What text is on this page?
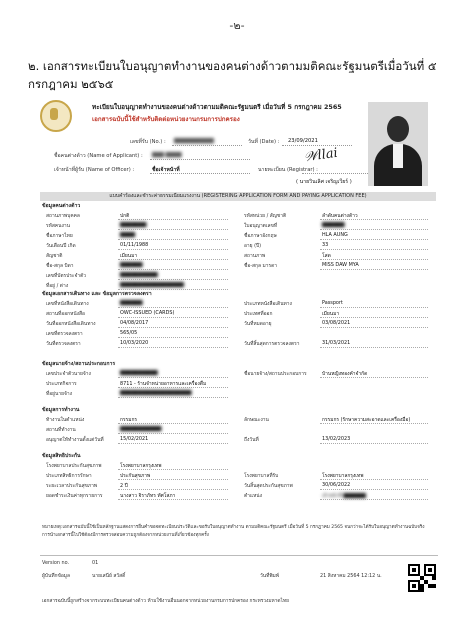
-๒-
๒. เอกสารทะเบียนใบอนุญาตทำงานของคนต่างด้าวตามมติคณะรัฐมนตรีเมื่อวันที่ ๕ กรกฎาคม ๒๕๖๕
ทะเบียนใบอนุญาตทำงานของคนต่างด้าวตามมติคณะรัฐมนตรี เมื่อวันที่ 5 กรกฎาคม 2565
เอกสารฉบับนี้ใช้สำหรับติดต่อหน่วยงานกรมการปกครอง
เลขที่รับ (No.) : ▇▇▇▇▇▇▇▇▇▇	วันที่ (Date) : 23/09/2021
ชื่อคนต่างด้าว (Name of Applicant) : ▇▇▇ ▇▇▇▇
เจ้าหน้าที่ผู้รับ (Name of Officer) :	ชื่อเจ้าหน้าที่	นายทะเบียน (Registrar) :
𝒲llai
( นายวินเลิศ เจริญเวียร์ )
แบบคำร้องและชำระค่าธรรมเนียมแรงงาน (REGISTERING APPLICATION FORM AND PAYING APPLICATION FEE)
ข้อมูลคนต่างด้าว
สถานภาพบุคคล	ปกติ	รหัสหน่วย / สัญชาติ	ลำดับคนต่างด้าว
รหัสคนงาน	▇▇▇▇▇▇▇	ใบอนุญาตเลขที่	▇▇▇▇▇▇
ชื่อภาษาไทย	▇▇▇▇	ชื่อภาษาอังกฤษ	HLA AUNG
วันเดือนปี เกิด	01/11/1988	อายุ (ปี)	33
สัญชาติ	เมียนมา	สถานภาพ	โสด
ชื่อ-สกุล บิดา	▇▇▇▇▇▇	ชื่อ-สกุล มารดา	MISS DAW MYA
เลขที่บัตรประจำตัว	▇▇▇▇▇▇▇▇▇▇
ที่อยู่ / ต่าง	▇▇▇▇▇▇▇▇▇▇▇▇▇▇▇▇▇
ข้อมูลเอกสารเดินทาง และ ข้อมูลการตรวจลงตรา
เลขที่หนังสือเดินทาง	▇▇▇▇▇▇	ประเภทหนังสือเดินทาง	Passport
สถานที่ออกหนังสือ	OWC-ISSUED (CARDS)	ประเทศที่ออก	เมียนมา
วันที่ออกหนังสือเดินทาง	04/08/2017	วันที่หมดอายุ	03/08/2021
เลขที่ตรวจลงตรา	565/05
วันที่ตรวจลงตรา	10/03/2020	วันที่สิ้นสุดการตรวจลงตรา	31/03/2021
ข้อมูลนายจ้าง/สถานประกอบการ
เลขประจำตัวนายจ้าง	▇▇▇▇▇▇▇▇▇▇	ชื่อนายจ้าง/สถานประกอบการ	บ้านหญิงทองคำจำกัด
ประเภทกิจการ	8711 - ร้านจำหน่ายอาหารและเครื่องดื่ม
ที่อยู่นายจ้าง	▇▇▇▇▇▇▇▇▇▇▇▇▇▇▇▇▇▇▇
ข้อมูลการทำงาน
ท้างานในตำแหน่ง	กรรมกร	ลักษณะงาน	กรรมกร (รักษาความสะอาดและเครื่องมือ)
สถานที่ทำงาน	▇▇▇▇▇▇▇▇▇▇▇
อนุญาตให้ทำงานตั้งแต่วันที่	15/02/2021	ถึงวันที่	13/02/2023
ข้อมูลสิทธิประกัน
โรงพยาบาลประกันสุขภาพ	โรงพยาบาลกรุงเทพ
ประเภทสิทธิการรักษา	ประกันสุขภาพ	โรงพยาบาลที่รับ	โรงพยาบาลกรุงเทพ
ระยะเวลาประกันสุขภาพ	2 ปี	วันสิ้นสุดประกันสุขภาพ	30/06/2022
ยอดชำระเงินค่าทุกรายการ	นางสาว จิราภัทร ทัศโสภา	ตำแหน่ง	เจ้าหน้าที่ ▇▇▇▇▇▇
หมายเหตุ:เอกสารฉบับนี้ใช้เป็นหลักฐานแสดงการยื่นคำขอจดทะเบียนประวัติและขอรับใบอนุญาตทำงาน ตามมติคณะรัฐมนตรี เมื่อวันที่ 5 กรกฎาคม 2565 จนกว่าจะได้รับใบอนุญาตทำงานฉบับจริง การนำเอกสารนี้ไปใช้ต้องมีการตรวจสอบความถูกต้องจากหน่วยงานที่เกี่ยวข้องทุกครั้ง
Version no.	01
ผู้บันทึกข้อมูล	นายเสนีย์ สวัสดิ์	วันที่พิมพ์	21 สิงหาคม 2564 12:12 น.
เอกสารฉบับนี้ถูกสร้างจากระบบทะเบียนคนต่างด้าว ห้ามใช้งานอื่นนอกจากหน่วยงานกรมการปกครอง กระทรวงมหาดไทย
